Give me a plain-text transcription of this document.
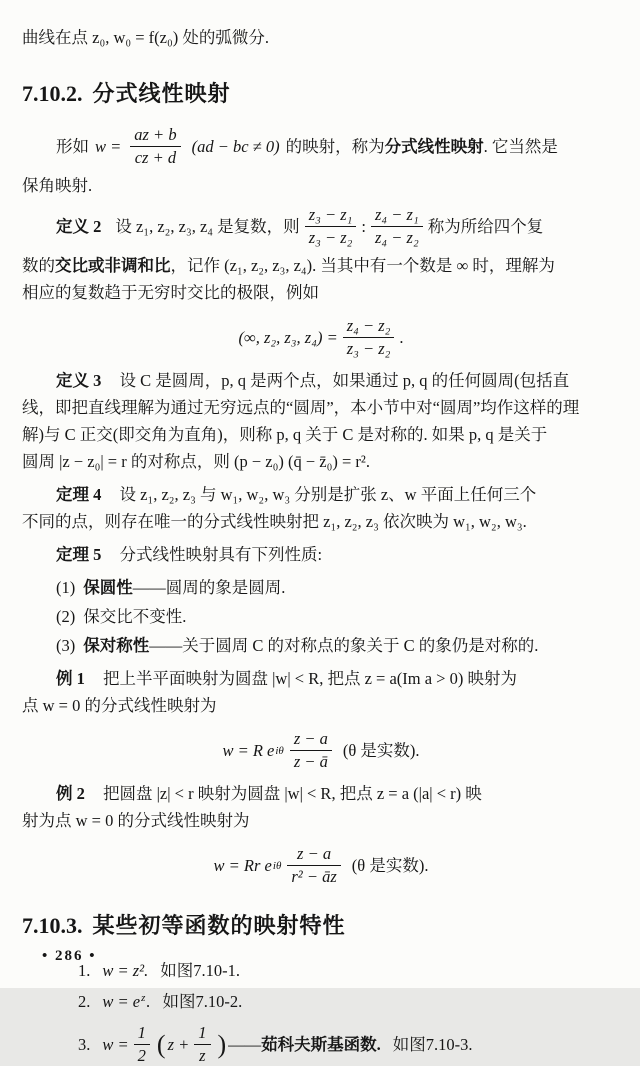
曲线在点 z₀, w₀ = f(z₀) 处的弧微分.
7.10.2. 分式线性映射
形如 $w = \frac{az + b}{cz + d} (ad$ − bc ≠ 0) 的映射，称为 分式线性映射 . 它当然是
保角映射.
定义 2 设 z₁, z₂, z₃, z₄ 是复数，则 $\frac{\text{z₃ − z₁}}{\text{z₃ − z₂}}$ : $\frac{\text{z₄ − z₁}}{\text{z₄ − z₂}}$ 称为所给四个复
数的交比或非调和比，记作 (z₁, z₂, z₃, z₄). 当其中有一个数是 ∞ 时，理解为
相应的复数趋于无穷时交比的极限，例如
(∞, z₂, z₃, $z_4) = \frac{\text{z₄ − z₂}}{\text{z₃ − z₂}}$ .
定义 3 设 C 是圆周，p, q 是两个点，如果通过 p, q 的任何圆周(包括直
线，即把直线理解为通过无穷远点的“圆周”，本小节中对“圆周”均作这样的理
解)与 C 正交(即交角为直角)，则称 p, q 关于 C 是对称的. 如果 p, q 是关于
圆周 |z − z₀| = r 的对称点，则 (p − z₀) (q̄ − z̄₀) = r².
定理 4 设 z₁, z₂, z₃ 与 w₁, w₂, w₃ 分别是扩张 z、w 平面上任何三个
不同的点，则存在唯一的分式线性映射把 z₁, z₂, z₃ 依次映为 w₁, w₂, w₃.
定理 5 分式线性映射具有下列性质:
(1) 保圆性——圆周的象是圆周.
(2) 保交比不变性.
(3) 保对称性——关于圆周 C 的对称点的象关于 C 的象仍是对称的.
例 1 把上半平面映射为圆盘 |w| < R, 把点 z = a(Im a > 0) 映射为
点 w = 0 的分式线性映射为
w = R e iθ $\frac{z - a}{z - ā} (\theta$ 是实数).
例 2 把圆盘 |z| < r 映射为圆盘 |w| < R, 把点 z = a (|a| < r) 映
射为点 w = 0 的分式线性映射为
w = Rr e iθ $\frac{z - a}{\text{r² − āz}} (\theta$ 是实数).
7.10.3. 某些初等函数的映射特性
1. w = z². 如图7.10-1.
2. $w = e^z$. 如图7.10-2.
3. $w = \frac{1}{2}$ ( $z + \frac{1}{z}$ ) —— 茹科夫斯基函数. 如图7.10-3.
• 286 •
